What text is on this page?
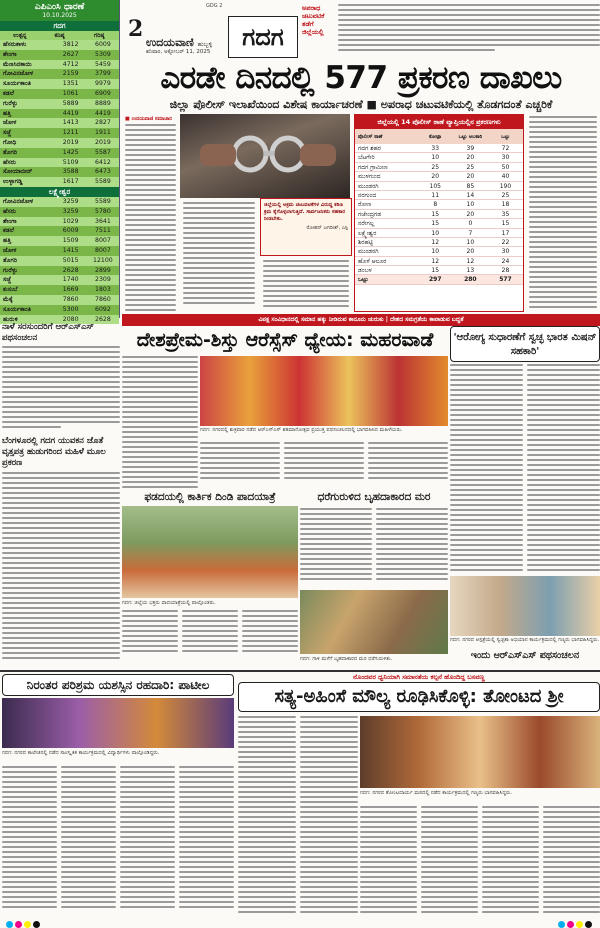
ಎಪಿಎಂಸಿ ಧಾರಣೆ
10.10.2025
ಗದಗ
ಉತ್ಪನ್ನ	ಕನಿಷ್ಠ	ಗರಿಷ್ಠ
ಹೆಸರುಕಾಳು	3812	6009
ಶೇಂಗಾ	2627	5309
ಮೆಣಸಿನಕಾಯಿ	4712	5459
ಗೋವಿನಜೋಳ	2159	3799
ಸೂರ್ಯಕಾಂತಿ	1351	9979
ಕಡಲೆ	1061	6909
ಗುರೆಳ್ಳು	5889	8889
ಹತ್ತಿ	4419	4419
ಜೋಳ	1413	2827
ಸಜ್ಜೆ	1211	1911
ಗೋಧಿ	2019	2019
ತೊಗರಿ	1425	5587
ಹೆಸರು	5109	6412
ಸೋಯಾಬೀನ್	3588	6473
ಉಳ್ಳಾಗಡ್ಡಿ	1617	5589
ಲಕ್ಷ್ಮೇಶ್ವರ
ಗೋವಿನಜೋಳ	3259	5589
ಹೆಸರು	3259	5780
ಶೇಂಗಾ	1029	3641
ಕಡಲೆ	6009	7511
ಹತ್ತಿ	1509	8007
ಜೋಳ	1415	8007
ತೊಗರಿ	5015	12100
ಗುರೆಳ್ಳು	2628	2899
ಸಜ್ಜೆ	1740	2309
ಕುಸುಬೆ	1669	1803
ಮೆಕ್ಕೆ	7860	7860
ಸೂರ್ಯಕಾಂತಿ	5300	6092
ಹುರುಳಿ	2080	2628
GDG 2
2
ಉದಯವಾಣಿ ಹುಬ್ಬಳ್ಳಿ
ಶನಿವಾರ, ಅಕ್ಟೋಬರ್ 11, 2025
ಗದಗ
ಅಪರಾಧ ಚಟುವಟಿಕೆ ತಡೆಗೆ ಜಿಲ್ಲೆಯಲ್ಲಿ
ಎರಡೇ ದಿನದಲ್ಲಿ 577 ಪ್ರಕರಣ ದಾಖಲು
ಜಿಲ್ಲಾ ಪೊಲೀಸ್ ಇಲಾಖೆಯಿಂದ ವಿಶೇಷ ಕಾರ್ಯಾಚರಣೆ ■ ಅಪರಾಧ ಚಟುವಟಿಕೆಯಲ್ಲಿ ತೊಡಗದಂತೆ ಎಚ್ಚರಿಕೆ
■ ಉದಯವಾಣಿ ಸಮಾಚಾರ
ಜಿಲ್ಲೆಯಲ್ಲಿ ಅಕ್ರಮ ಚಟುವಟಿಕೆಗಳ ವಿರುದ್ಧ ಕಠಿಣ ಕ್ರಮ ಕೈಗೊಳ್ಳಲಾಗುತ್ತಿದೆ. ಸಾರ್ವಜನಿಕರು ಸಹಕಾರ ನೀಡಬೇಕು.
ರೋಹನ್ ಜಗದೀಶ್, ಎಸ್ಪಿ
ಜಿಲ್ಲೆಯಲ್ಲಿ 14 ಪೊಲೀಸ್ ಠಾಣೆ ವ್ಯಾಪ್ತಿಯಲ್ಲಿನ ಪ್ರಕರಣಗಳು
ಪೊಲೀಸ್ ಠಾಣೆ	ಕೋಟ್ಪಾ	ಒಟ್ಟು ಅಬಕಾರಿ	ಒಟ್ಟು
ಗದಗ ಶಹರ	33	39	72
ಬೆಟಗೇರಿ	10	20	30
ಗದಗ ಗ್ರಾಮೀಣ	25	25	50
ಮುಳಗುಂದ	20	20	40
ಮುಂಡರಗಿ	105	85	190
ನರಗುಂದ	11	14	25
ರೋಣ	8	10	18
ಗಜೇಂದ್ರಗಡ	15	20	35
ನರೇಗಲ್ಲ	15	0	15
ಲಕ್ಷ್ಮೇಶ್ವರ	10	7	17
ಶಿರಹಟ್ಟಿ	12	10	22
ಮುಂಡರಗಿ	10	20	30
ಹೊಳೆ ಆಲೂರ	12	12	24
ಡಂಬಳ	15	13	28
ಒಟ್ಟು	297	280	577
ವಿಪಕ್ಷ ಸಂವಿಧಾನದಲ್ಲಿ ಸಮಾನ ಹಕ್ಕು ನೀಡಿರುವ ಕಾನೂನು ಚುರುಕು | ದೇಶದ ಸಮಗ್ರತೆಯ ಕಾಪಾಡುವ ಬದ್ಧತೆ
ನಾಳೆ ಸರಸುಂದರಿಗೆ ಆರ್‌ಎಸ್‌ಎಸ್ ಪಥಸಂಚಲನ
ಬೆಂಗಳೂರಲ್ಲಿ ಗದಗ ಯುವಕನ ಜೊತೆ ವೃತ್ತಪತ್ರ ಹುಡುಗರಿಂದ ಮಹಿಳೆ ಮೂಲ ಪ್ರಕರಣ
ದೇಶಪ್ರೇಮ-ಶಿಸ್ತು ಆರೆಸ್ಸೆಸ್ ಧ್ಯೇಯ: ಮಹರವಾಡೆ
ಗದಗ: ನಗರದಲ್ಲಿ ಶುಕ್ರವಾರ ನಡೆದ ಆರ್‌ಎಸ್‌ಎಸ್ ಶತಮಾನೋತ್ಸವ ಪ್ರಯುಕ್ತ ಪಥಸಂಚಲನದಲ್ಲಿ ಭಾಗವಹಿಸಿದ ಮಹಿಳೆಯರು.
'ಆರೋಗ್ಯ ಸುಧಾರಣೆಗೆ ಸ್ವಚ್ಛ ಭಾರತ ಮಿಷನ್ ಸಹಕಾರಿ'
ಗದಗ: ನಗರದ ಆಸ್ಪತ್ರೆಯಲ್ಲಿ ಸ್ವಚ್ಛತಾ ಅಭಿಯಾನ ಕಾರ್ಯಕ್ರಮದಲ್ಲಿ ಗಣ್ಯರು ಭಾಗವಹಿಸಿದ್ದರು.
ಫಡದಯಲ್ಲಿ ಕಾರ್ತಿಕ ದಿಂಡಿ ಪಾದಯಾತ್ರೆ
ಗದಗ: ಜಿಲ್ಲೆಯ ಭಕ್ತರು ಪಾದಯಾತ್ರೆಯಲ್ಲಿ ಪಾಲ್ಗೊಂಡರು.
ಧರೆಗುರುಳಿದ ಬೃಹದಾಕಾರದ ಮರ
ಗದಗ: ಗಾಳಿ ಮಳೆಗೆ ಬೃಹದಾಕಾರದ ಮರ ಧರೆಗುರುಳಿತು.	ಇಂದು ಆರ್‌ಎಸ್‌ಎಸ್ ಪಥಸಂಚಲನ
ನಿರಂತರ ಪರಿಶ್ರಮ ಯಶಸ್ಸಿನ ರಹದಾರಿ: ಪಾಟೀಲ
ಗದಗ: ನಗರದ ಕಾಲೇಜಿನಲ್ಲಿ ನಡೆದ ಸಾಂಸ್ಕೃತಿಕ ಕಾರ್ಯಕ್ರಮದಲ್ಲಿ ವಿದ್ಯಾರ್ಥಿಗಳು ಪಾಲ್ಗೊಂಡಿದ್ದರು.
ನೊಂದವರ ಧ್ವನಿಯಾಗಿ ಸಮಾನತೆಯ ಕಲ್ಪನೆ ಹೊಂದಿದ್ದ ಬಸವಣ್ಣ
ಸತ್ಯ-ಅಹಿಂಸೆ ಮೌಲ್ಯ ರೂಢಿಸಿಕೊಳ್ಳಿ: ತೋಂಟದ ಶ್ರೀ
ಗದಗ: ನಗರದ ತೋಂಟದಾರ್ಯ ಮಠದಲ್ಲಿ ನಡೆದ ಕಾರ್ಯಕ್ರಮದಲ್ಲಿ ಗಣ್ಯರು ಭಾಗವಹಿಸಿದ್ದರು.
